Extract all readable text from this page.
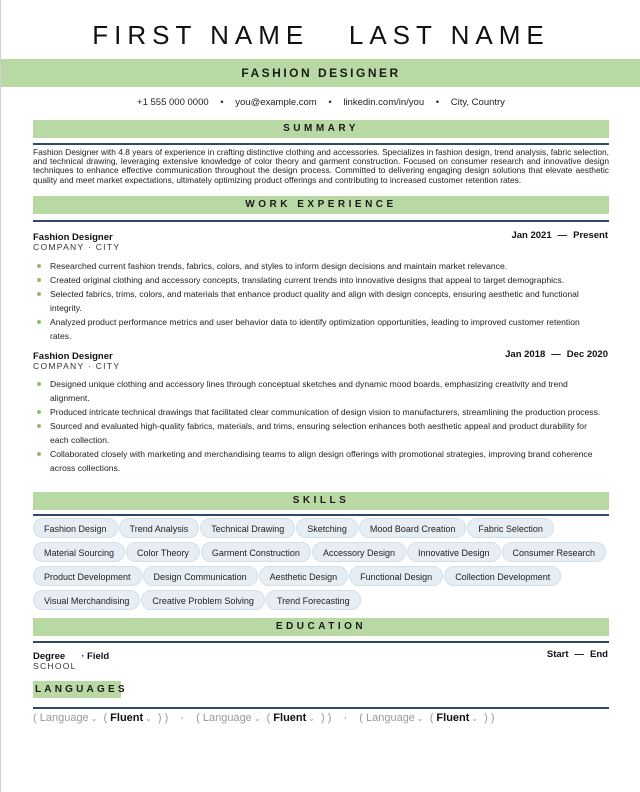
FIRST NAME   LAST NAME
FASHION DESIGNER
+1 555 000 0000 • you@example.com • linkedin.com/in/you • City, Country
SUMMARY
Fashion Designer with 4.8 years of experience in crafting distinctive clothing and accessories. Specializes in fashion design, trend analysis, fabric selection, and technical drawing, leveraging extensive knowledge of color theory and garment construction. Focused on consumer research and innovative design techniques to enhance effective communication throughout the design process. Committed to delivering engaging design solutions that elevate aesthetic quality and meet market expectations, ultimately optimizing product offerings and contributing to increased customer retention rates.
WORK EXPERIENCE
Fashion Designer
COMPANY · CITY
Jan 2021 — Present
Researched current fashion trends, fabrics, colors, and styles to inform design decisions and maintain market relevance.
Created original clothing and accessory concepts, translating current trends into innovative designs that appeal to target demographics.
Selected fabrics, trims, colors, and materials that enhance product quality and align with design concepts, ensuring aesthetic and functional integrity.
Analyzed product performance metrics and user behavior data to identify optimization opportunities, leading to improved customer retention rates.
Fashion Designer
COMPANY · CITY
Jan 2018 — Dec 2020
Designed unique clothing and accessory lines through conceptual sketches and dynamic mood boards, emphasizing creativity and trend alignment.
Produced intricate technical drawings that facilitated clear communication of design vision to manufacturers, streamlining the production process.
Sourced and evaluated high-quality fabrics, materials, and trims, ensuring selection enhances both aesthetic appeal and product durability for each collection.
Collaborated closely with marketing and merchandising teams to align design offerings with promotional strategies, improving brand coherence across collections.
SKILLS
Fashion Design	Trend Analysis	Technical Drawing	Sketching	Mood Board Creation	Fabric Selection
Material Sourcing	Color Theory	Garment Construction	Accessory Design	Innovative Design	Consumer Research
Product Development	Design Communication	Aesthetic Design	Functional Design	Collection Development
Visual Merchandising	Creative Problem Solving	Trend Forecasting
EDUCATION
Degree · Field
SCHOOL
Start — End
LANGUAGES
( Language ⌄ ( Fluent ⌄ ) ) · ( Language ⌄ ( Fluent ⌄ ) ) · ( Language ⌄ ( Fluent ⌄ ) )
